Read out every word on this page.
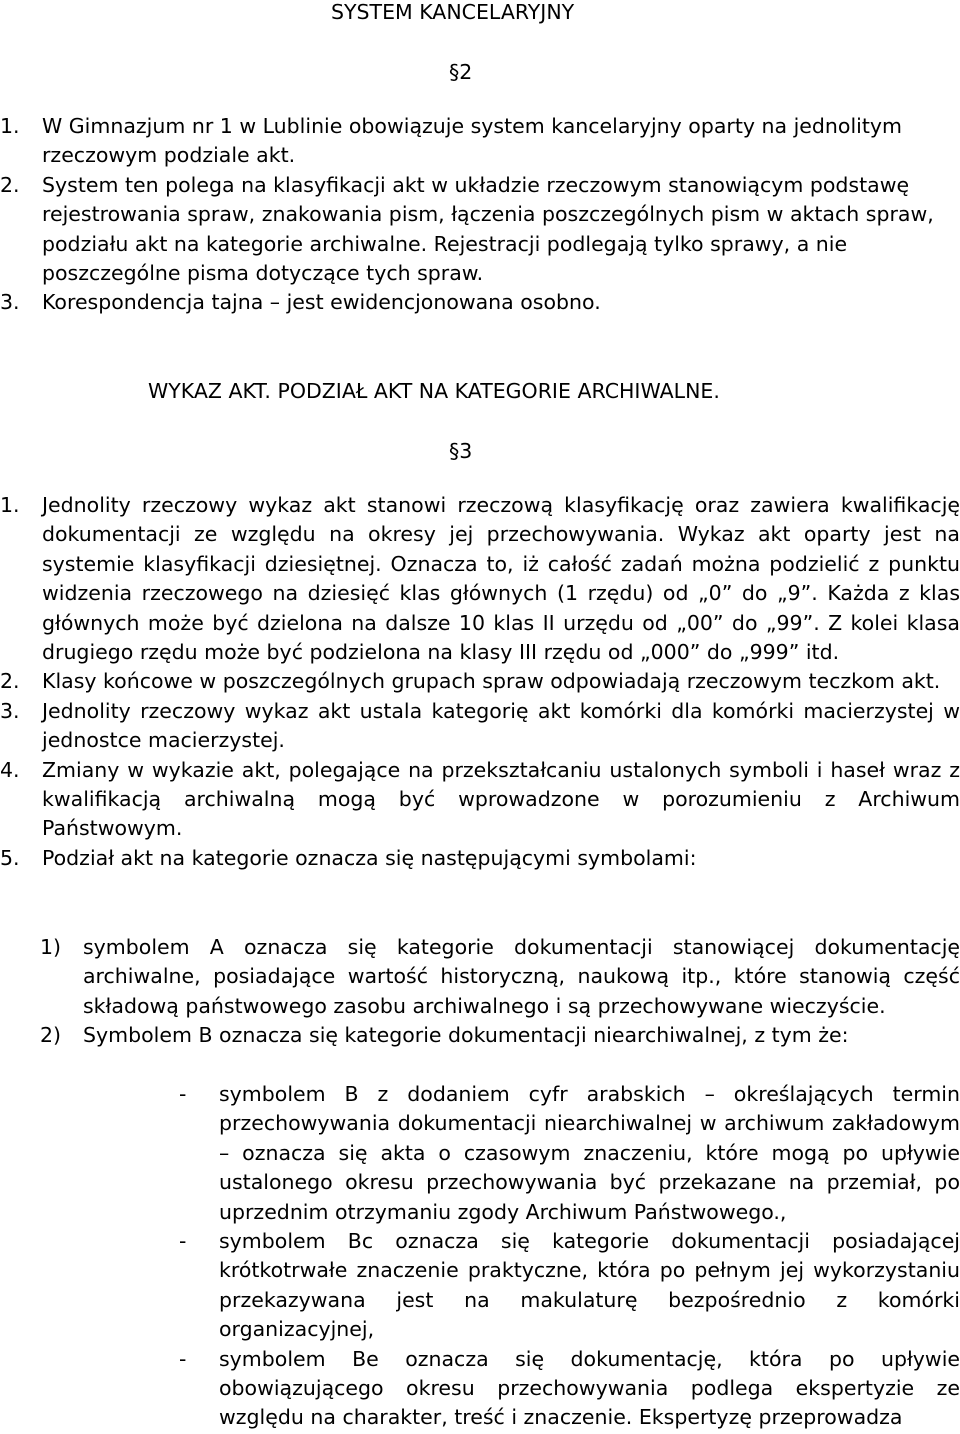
SYSTEM KANCELARYJNY
§2
1. W Gimnazjum nr 1 w Lublinie obowiązuje system kancelaryjny oparty na jednolitym rzeczowym podziale akt.
2. System ten polega na klasyfikacji akt w układzie rzeczowym stanowiącym podstawę rejestrowania spraw, znakowania pism, łączenia poszczególnych pism w aktach spraw, podziału akt na kategorie archiwalne. Rejestracji podlegają tylko sprawy, a nie poszczególne pisma dotyczące tych spraw.
3. Korespondencja tajna – jest ewidencjonowana osobno.
WYKAZ AKT. PODZIAŁ AKT NA KATEGORIE ARCHIWALNE.
§3
1. Jednolity rzeczowy wykaz akt stanowi rzeczową klasyfikację oraz zawiera kwalifikację dokumentacji ze względu na okresy jej przechowywania. Wykaz akt oparty jest na systemie klasyfikacji dziesiętnej. Oznacza to, iż całość zadań można podzielić z punktu widzenia rzeczowego na dziesięć klas głównych (1 rzędu) od „0” do „9”. Każda z klas głównych może być dzielona na dalsze 10 klas II urzędu od „00” do „99”. Z kolei klasa drugiego rzędu może być podzielona na klasy III rzędu od „000” do „999” itd.
2. Klasy końcowe w poszczególnych grupach spraw odpowiadają rzeczowym teczkom akt.
3. Jednolity rzeczowy wykaz akt ustala kategorię akt komórki dla komórki macierzystej w jednostce macierzystej.
4. Zmiany w wykazie akt, polegające na przekształcaniu ustalonych symboli i haseł wraz z kwalifikacją archiwalną mogą być wprowadzone w porozumieniu z Archiwum Państwowym.
5. Podział akt na kategorie oznacza się następującymi symbolami:
1) symbolem A oznacza się kategorie dokumentacji stanowiącej dokumentację archiwalne, posiadające wartość historyczną, naukową itp., które stanowią część składową państwowego zasobu archiwalnego i są przechowywane wieczyście.
2) Symbolem B oznacza się kategorie dokumentacji niearchiwalnej, z tym że:
- symbolem B z dodaniem cyfr arabskich – określających termin przechowywania dokumentacji niearchiwalnej w archiwum zakładowym – oznacza się akta o czasowym znaczeniu, które mogą po upływie ustalonego okresu przechowywania być przekazane na przemiał, po uprzednim otrzymaniu zgody Archiwum Państwowego.,
- symbolem Bc oznacza się kategorie dokumentacji posiadającej krótkotrwałe znaczenie praktyczne, która po pełnym jej wykorzystaniu przekazywana jest na makulaturę bezpośrednio z komórki organizacyjnej,
- symbolem Be oznacza się dokumentację, która po upływie obowiązującego okresu przechowywania podlega ekspertyzie ze względu na charakter, treść i znaczenie. Ekspertyzę przeprowadza
